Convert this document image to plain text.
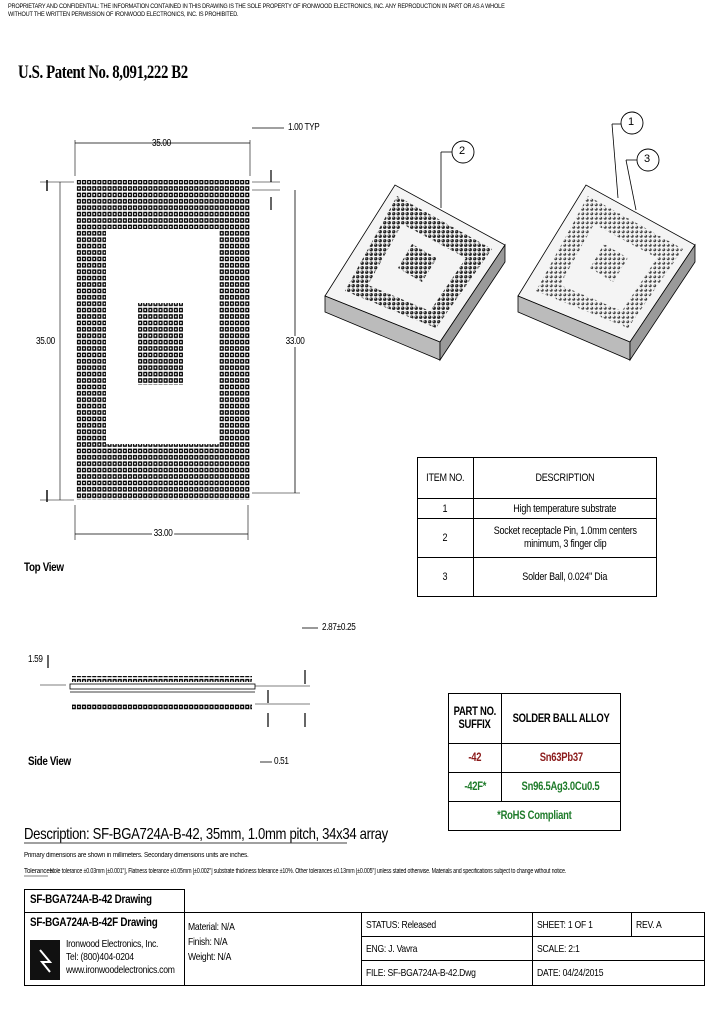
PROPRIETARY AND CONFIDENTIAL: THE INFORMATION CONTAINED IN THIS DRAWING IS THE SOLE PROPERTY OF IRONWOOD ELECTRONICS, INC. ANY REPRODUCTION IN PART OR AS A WHOLE
WITHOUT THE WRITTEN PERMISSION OF IRONWOOD ELECTRONICS, INC. IS PROHIBITED.
U.S. Patent No. 8,091,222 B2
35.00
1.00 TYP
35.00	33.00
33.00
Top View
2
1
3
ITEM NO.	DESCRIPTION
1	High temperature substrate
2	Socket receptacle Pin, 1.0mm centers
minimum, 3 finger clip
3	Solder Ball, 0.024" Dia
2.87±0.25
1.59
0.51
Side View
PART NO.
SUFFIX	SOLDER BALL ALLOY
-42	Sn63Pb37
-42F*	Sn96.5Ag3.0Cu0.5
*RoHS Compliant	
Description: SF-BGA724A-B-42, 35mm, 1.0mm pitch, 34x34 array
Primary dimensions are shown in millimeters. Secondary dimensions units are inches.
Tolerances:
Hole tolerance ±0.03mm [±0.001"], Flatness tolerance ±0.05mm [±0.002"] substrate thickness tolerance ±10%. Other tolerances ±0.13mm [±0.005"] unless stated otherwise. Materials and specifications subject to change without notice.
SF-BGA724A-B-42 Drawing
SF-BGA724A-B-42F Drawing
Ironwood Electronics, Inc.
Tel: (800)404-0204
www.ironwoodelectronics.com
Material: N/A
Finish: N/A
Weight: N/A
STATUS: Released	SHEET: 1 OF 1	REV. A
ENG: J. Vavra	SCALE: 2:1
FILE: SF-BGA724A-B-42.Dwg	DATE: 04/24/2015
